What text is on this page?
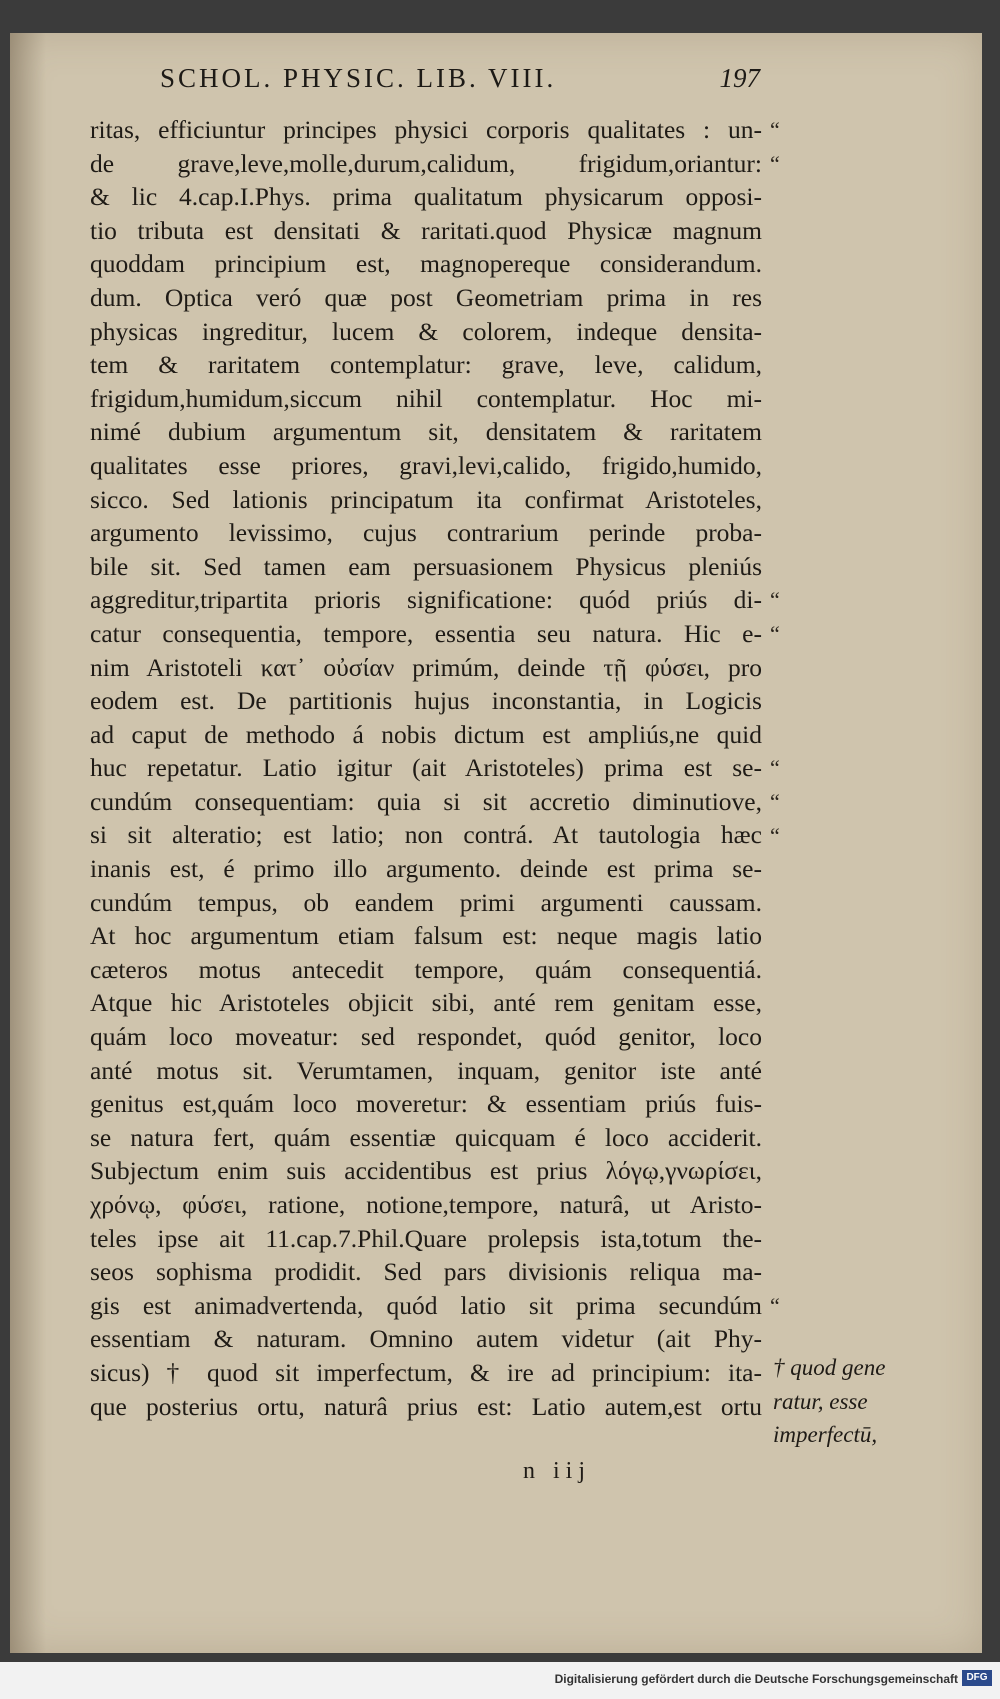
SCHOL. PHYSIC. LIB. VIII.	197
ritas, efficiuntur principes physici corporis qualitates : un-
de grave,leve,molle,durum,calidum, frigidum,oriantur:
& lic 4.cap.I.Phys. prima qualitatum physicarum opposi-
tio tributa est densitati & raritati.quod Physicæ magnum
quoddam principium est, magnopereque considerandum.
dum. Optica veró quæ post Geometriam prima in res
physicas ingreditur, lucem & colorem, indeque densita-
tem & raritatem contemplatur: grave, leve, calidum,
frigidum,humidum,siccum nihil contemplatur. Hoc mi-
nimé dubium argumentum sit, densitatem & raritatem
qualitates esse priores, gravi,levi,calido, frigido,humido,
sicco. Sed lationis principatum ita confirmat Aristoteles,
argumento levissimo, cujus contrarium perinde proba-
bile sit. Sed tamen eam persuasionem Physicus pleniús
aggreditur,tripartita prioris significatione: quód priús di-
catur consequentia, tempore, essentia seu natura. Hic e-
nim Aristoteli κατ᾽ οὐσίαν primúm, deinde τῇ φύσει, pro
eodem est. De partitionis hujus inconstantia, in Logicis
ad caput de methodo á nobis dictum est ampliús,ne quid
huc repetatur. Latio igitur (ait Aristoteles) prima est se-
cundúm consequentiam: quia si sit accretio diminutiove,
si sit alteratio; est latio; non contrá. At tautologia hæc
inanis est, é primo illo argumento. deinde est prima se-
cundúm tempus, ob eandem primi argumenti caussam.
At hoc argumentum etiam falsum est: neque magis latio
cæteros motus antecedit tempore, quám consequentiá.
Atque hic Aristoteles objicit sibi, anté rem genitam esse,
quám loco moveatur: sed respondet, quód genitor, loco
anté motus sit. Verumtamen, inquam, genitor iste anté
genitus est,quám loco moveretur: & essentiam priús fuis-
se natura fert, quám essentiæ quicquam é loco acciderit.
Subjectum enim suis accidentibus est prius λόγῳ,γνωρίσει,
χρόνῳ, φύσει, ratione, notione,tempore, naturâ, ut Aristo-
teles ipse ait 11.cap.7.Phil.Quare prolepsis ista,totum the-
seos sophisma prodidit. Sed pars divisionis reliqua ma-
gis est animadvertenda, quód latio sit prima secundúm
essentiam & naturam. Omnino autem videtur (ait Phy-
sicus) † quod sit imperfectum, & ire ad principium: ita-
que posterius ortu, naturâ prius est: Latio autem,est ortu
“
“
“
“
“
“
“
“
† quod gene
ratur, esse
imperfectū,
n iij
Digitalisierung gefördert durch die Deutsche Forschungsgemeinschaft DFG
